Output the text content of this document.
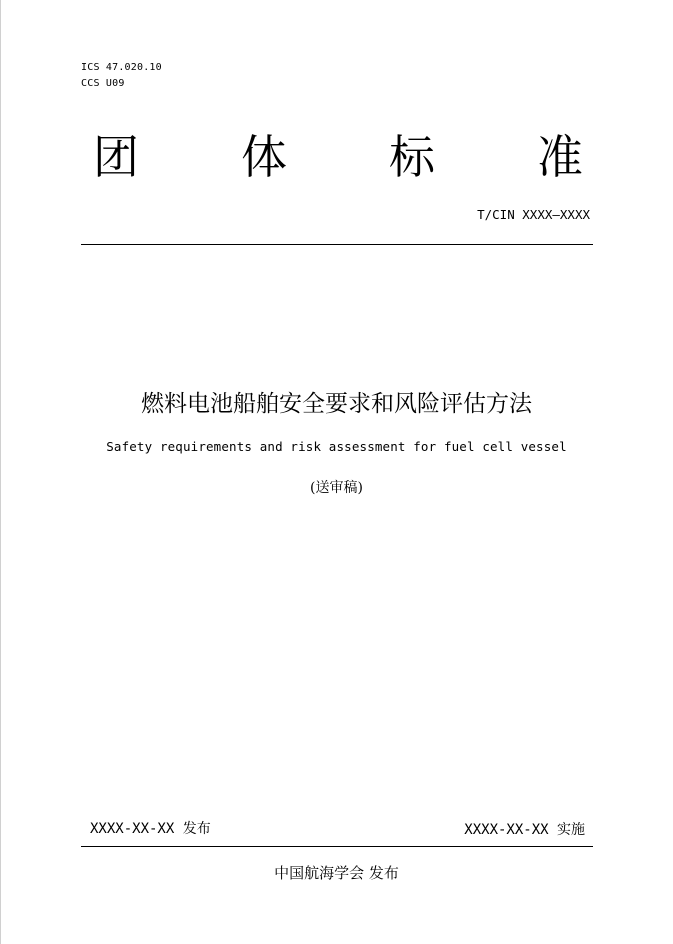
ICS 47.020.10
CCS U09
团 体 标 准
T/CIN XXXX—XXXX
燃料电池船舶安全要求和风险评估方法
Safety requirements and risk assessment for fuel cell vessel
(送审稿)
XXXX-XX-XX 发布	XXXX-XX-XX 实施
中国航海学会 发布
